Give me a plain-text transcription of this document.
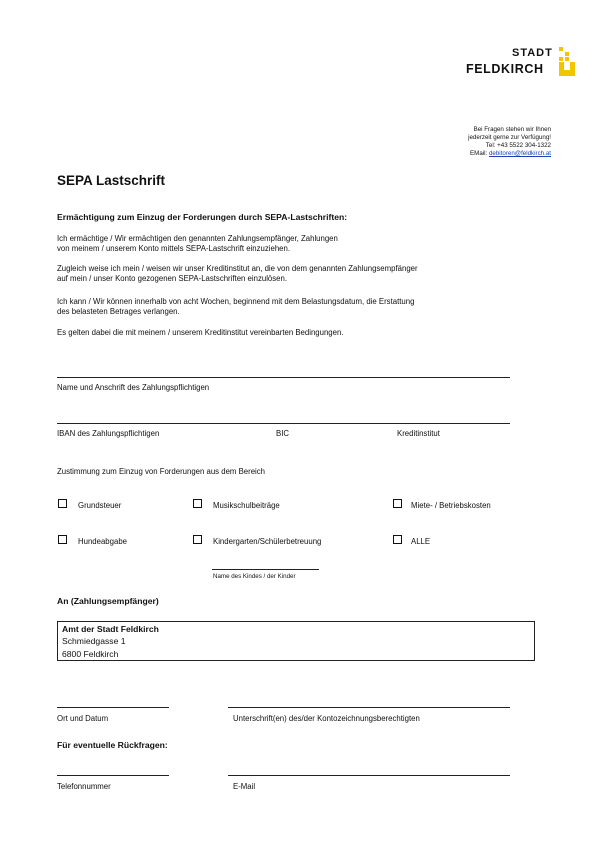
STADT
FELDKIRCH
Bei Fragen stehen wir Ihnen
jederzeit gerne zur Verfügung!
Tel: +43 5522 304-1322
EMail: debitoren@feldkirch.at
SEPA Lastschrift
Ermächtigung zum Einzug der Forderungen durch SEPA-Lastschriften:
Ich ermächtige / Wir ermächtigen den genannten Zahlungsempfänger, Zahlungen
von meinem / unserem Konto mittels SEPA-Lastschrift einzuziehen.
Zugleich weise ich mein / weisen wir unser Kreditinstitut an, die von dem genannten Zahlungsempfänger
auf mein / unser Konto gezogenen SEPA-Lastschriften einzulösen.
Ich kann / Wir können innerhalb von acht Wochen, beginnend mit dem Belastungsdatum, die Erstattung
des belasteten Betrages verlangen.
Es gelten dabei die mit meinem / unserem Kreditinstitut vereinbarten Bedingungen.
Name und Anschrift des Zahlungspflichtigen
IBAN des Zahlungspflichtigen	BIC	Kreditinstitut
Zustimmung zum Einzug von Forderungen aus dem Bereich
Grundsteuer	Musikschulbeiträge	Miete- / Betriebskosten
Hundeabgabe	Kindergarten/Schülerbetreuung	ALLE
Name des Kindes / der Kinder
An (Zahlungsempfänger)
Amt der Stadt Feldkirch
Schmiedgasse 1
6800 Feldkirch
Ort und Datum	Unterschrift(en) des/der Kontozeichnungsberechtigten
Für eventuelle Rückfragen:
Telefonnummer	E-Mail
